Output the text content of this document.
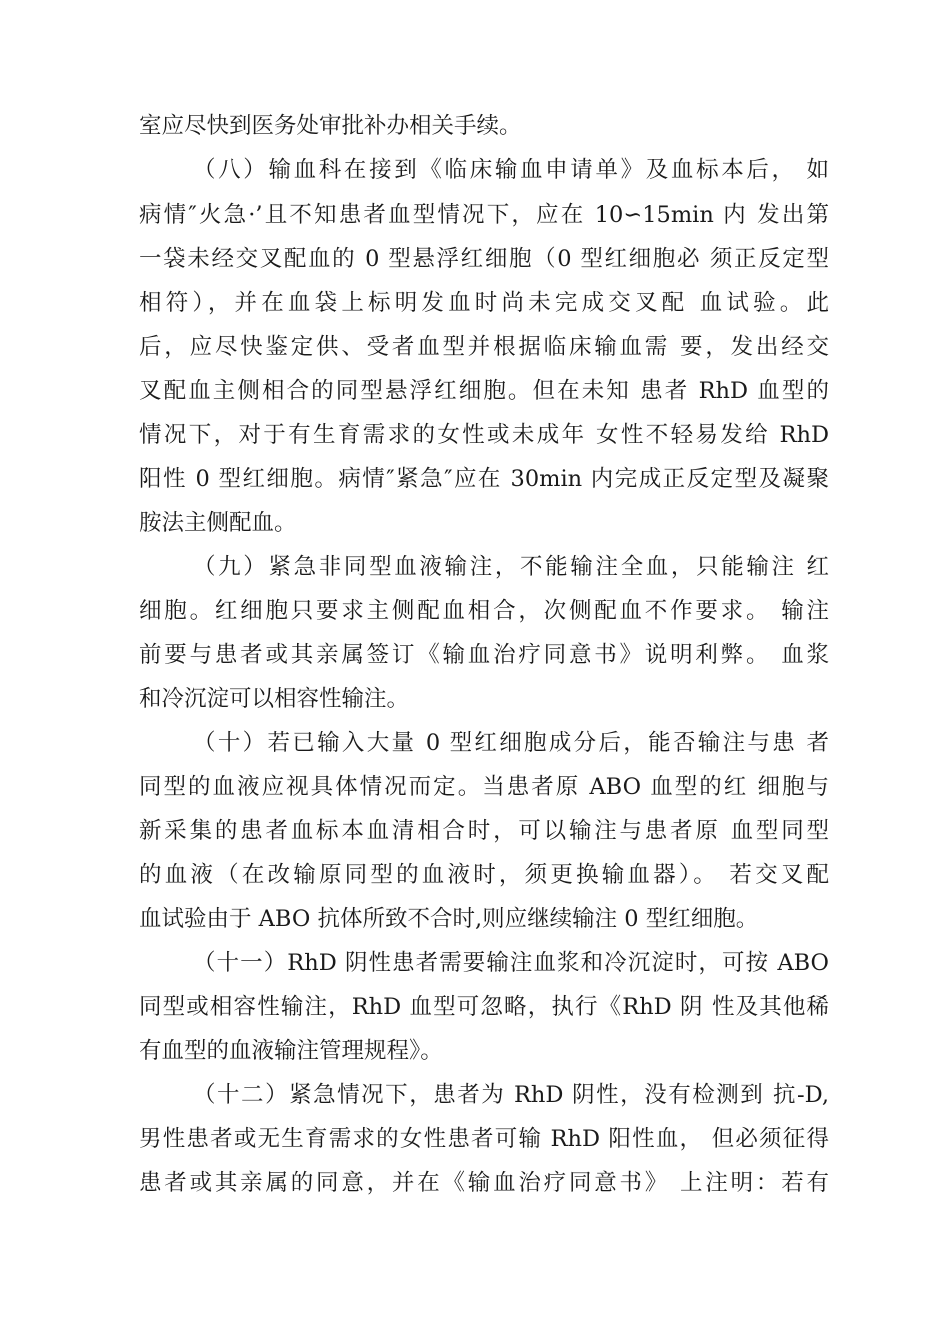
室应尽快到医务处审批补办相关手续。
（八）输血科在接到《临床输血申请单》及血标本后， 如
病情″火急·’且不知患者血型情况下，应在 10∽15min 内 发出第
一袋未经交叉配血的 0 型悬浮红细胞（0 型红细胞必 须正反定型
相符），并在血袋上标明发血时尚未完成交叉配 血试验。此
后，应尽快鉴定供、受者血型并根据临床输血需 要，发出经交
叉配血主侧相合的同型悬浮红细胞。但在未知 患者 RhD 血型的
情况下，对于有生育需求的女性或未成年 女性不轻易发给 RhD
阳性 0 型红细胞。病情″紧急″应在 30min 内完成正反定型及凝聚
胺法主侧配血。
（九）紧急非同型血液输注，不能输注全血，只能输注 红
细胞。红细胞只要求主侧配血相合，次侧配血不作要求。 输注
前要与患者或其亲属签订《输血治疗同意书》说明利弊。 血浆
和冷沉淀可以相容性输注。
（十）若已输入大量 0 型红细胞成分后，能否输注与患 者
同型的血液应视具体情况而定。当患者原 ABO 血型的红 细胞与
新采集的患者血标本血清相合时，可以输注与患者原 血型同型
的血液（在改输原同型的血液时，须更换输血器）。 若交叉配
血试验由于 ABO 抗体所致不合时,则应继续输注 0 型红细胞。
（十一）RhD 阴性患者需要输注血浆和冷沉淀时，可按 ABO
同型或相容性输注，RhD 血型可忽略，执行《RhD 阴 性及其他稀
有血型的血液输注管理规程》。
（十二）紧急情况下，患者为 RhD 阴性，没有检测到 抗-D,
男性患者或无生育需求的女性患者可输 RhD 阳性血， 但必须征得
患者或其亲属的同意，并在《输血治疗同意书》 上注明：若有
